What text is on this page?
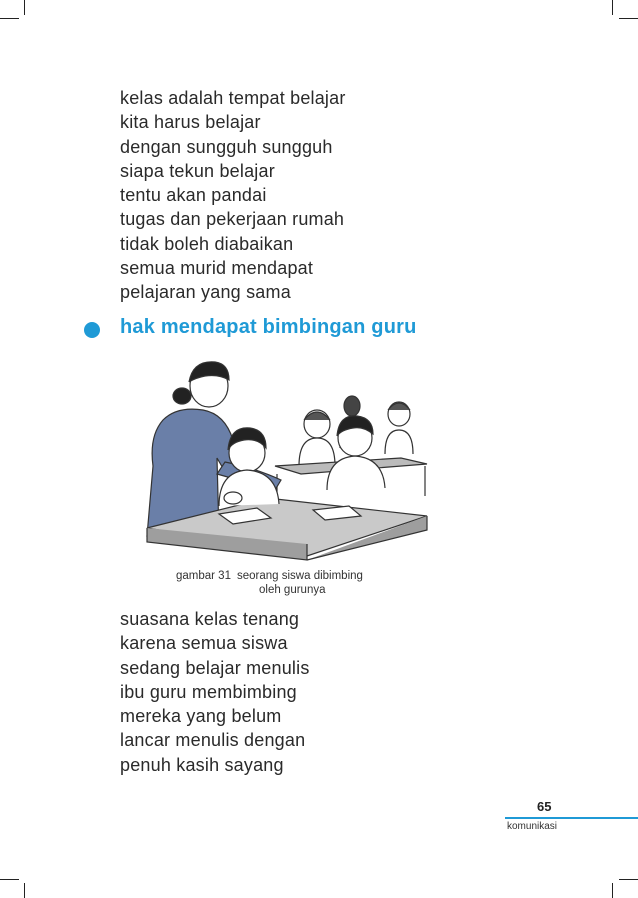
kelas adalah tempat belajar
kita harus belajar
dengan sungguh sungguh
siapa tekun belajar
tentu akan pandai
tugas dan pekerjaan rumah
tidak boleh diabaikan
semua murid mendapat
pelajaran yang sama
hak mendapat bimbingan guru
gambar 31 seorang siswa dibimbing
oleh gurunya
suasana kelas tenang
karena semua siswa
sedang belajar menulis
ibu guru membimbing
mereka yang belum
lancar menulis dengan
penuh kasih sayang
65
komunikasi
